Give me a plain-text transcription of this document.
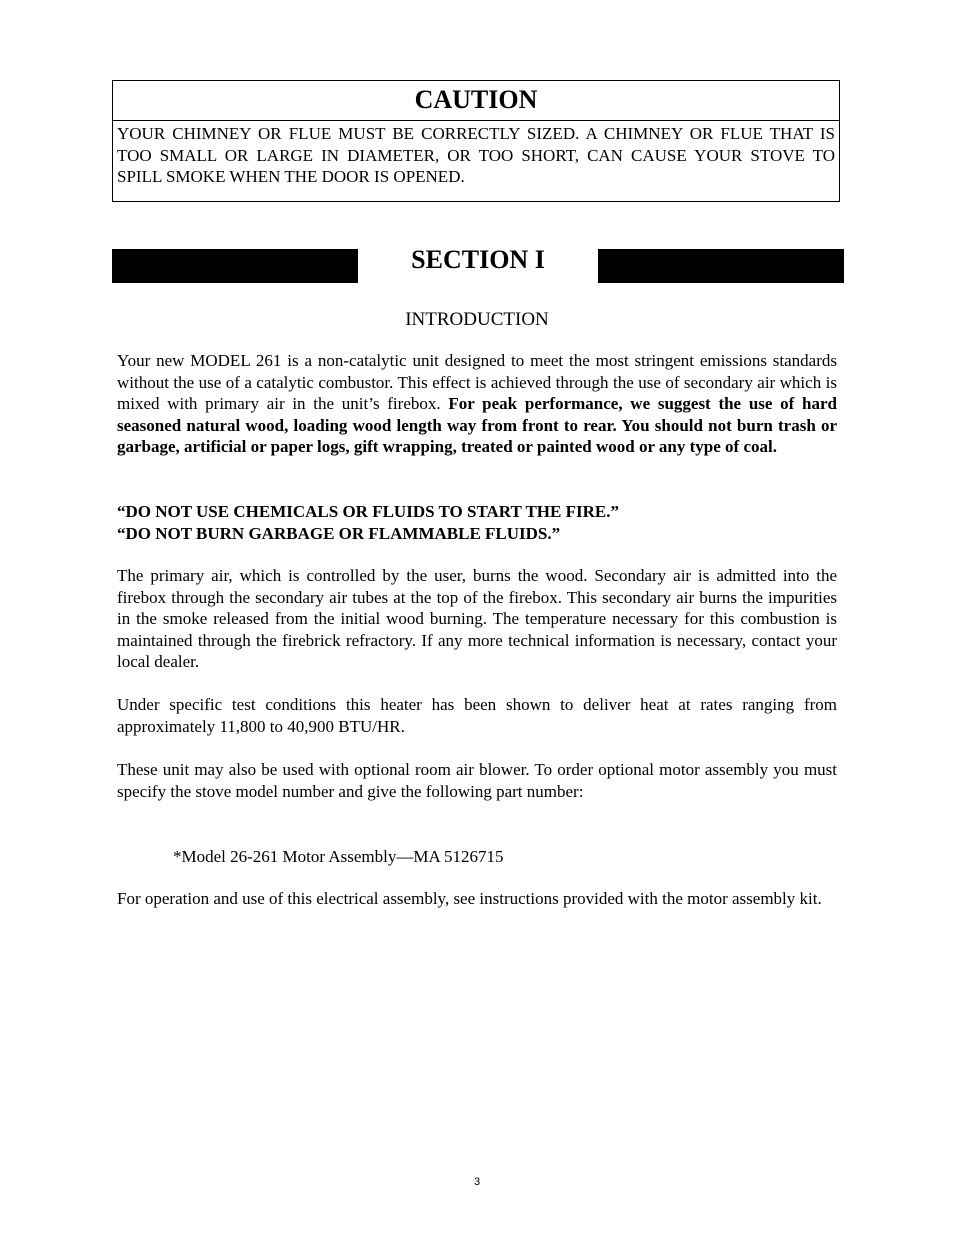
CAUTION
YOUR CHIMNEY OR FLUE MUST BE CORRECTLY SIZED. A CHIMNEY OR FLUE THAT IS TOO SMALL OR LARGE IN DIAMETER, OR TOO SHORT, CAN CAUSE YOUR STOVE TO SPILL SMOKE WHEN THE DOOR IS OPENED.
SECTION I
INTRODUCTION

Your new MODEL 261 is a non-catalytic unit designed to meet the most stringent emissions standards without the use of a catalytic combustor. This effect is achieved through the use of secondary air which is mixed with primary air in the unit’s firebox. For peak performance, we suggest the use of hard seasoned natural wood, loading wood length way from front to rear. You should not burn trash or garbage, artificial or paper logs, gift wrapping, treated or painted wood or any type of coal.

“DO NOT USE CHEMICALS OR FLUIDS TO START THE FIRE.”
“DO NOT BURN GARBAGE OR FLAMMABLE FLUIDS.”

The primary air, which is controlled by the user, burns the wood. Secondary air is admitted into the firebox through the secondary air tubes at the top of the firebox. This secondary air burns the impurities in the smoke released from the initial wood burning. The temperature necessary for this combustion is maintained through the firebrick refractory. If any more technical information is necessary, contact your local dealer.

Under specific test conditions this heater has been shown to deliver heat at rates ranging from approximately 11,800 to 40,900 BTU/HR.

These unit may also be used with optional room air blower. To order optional motor assembly you must specify the stove model number and give the following part number:

*Model 26-261 Motor Assembly—MA 5126715

For operation and use of this electrical assembly, see instructions provided with the motor assembly kit.

3
